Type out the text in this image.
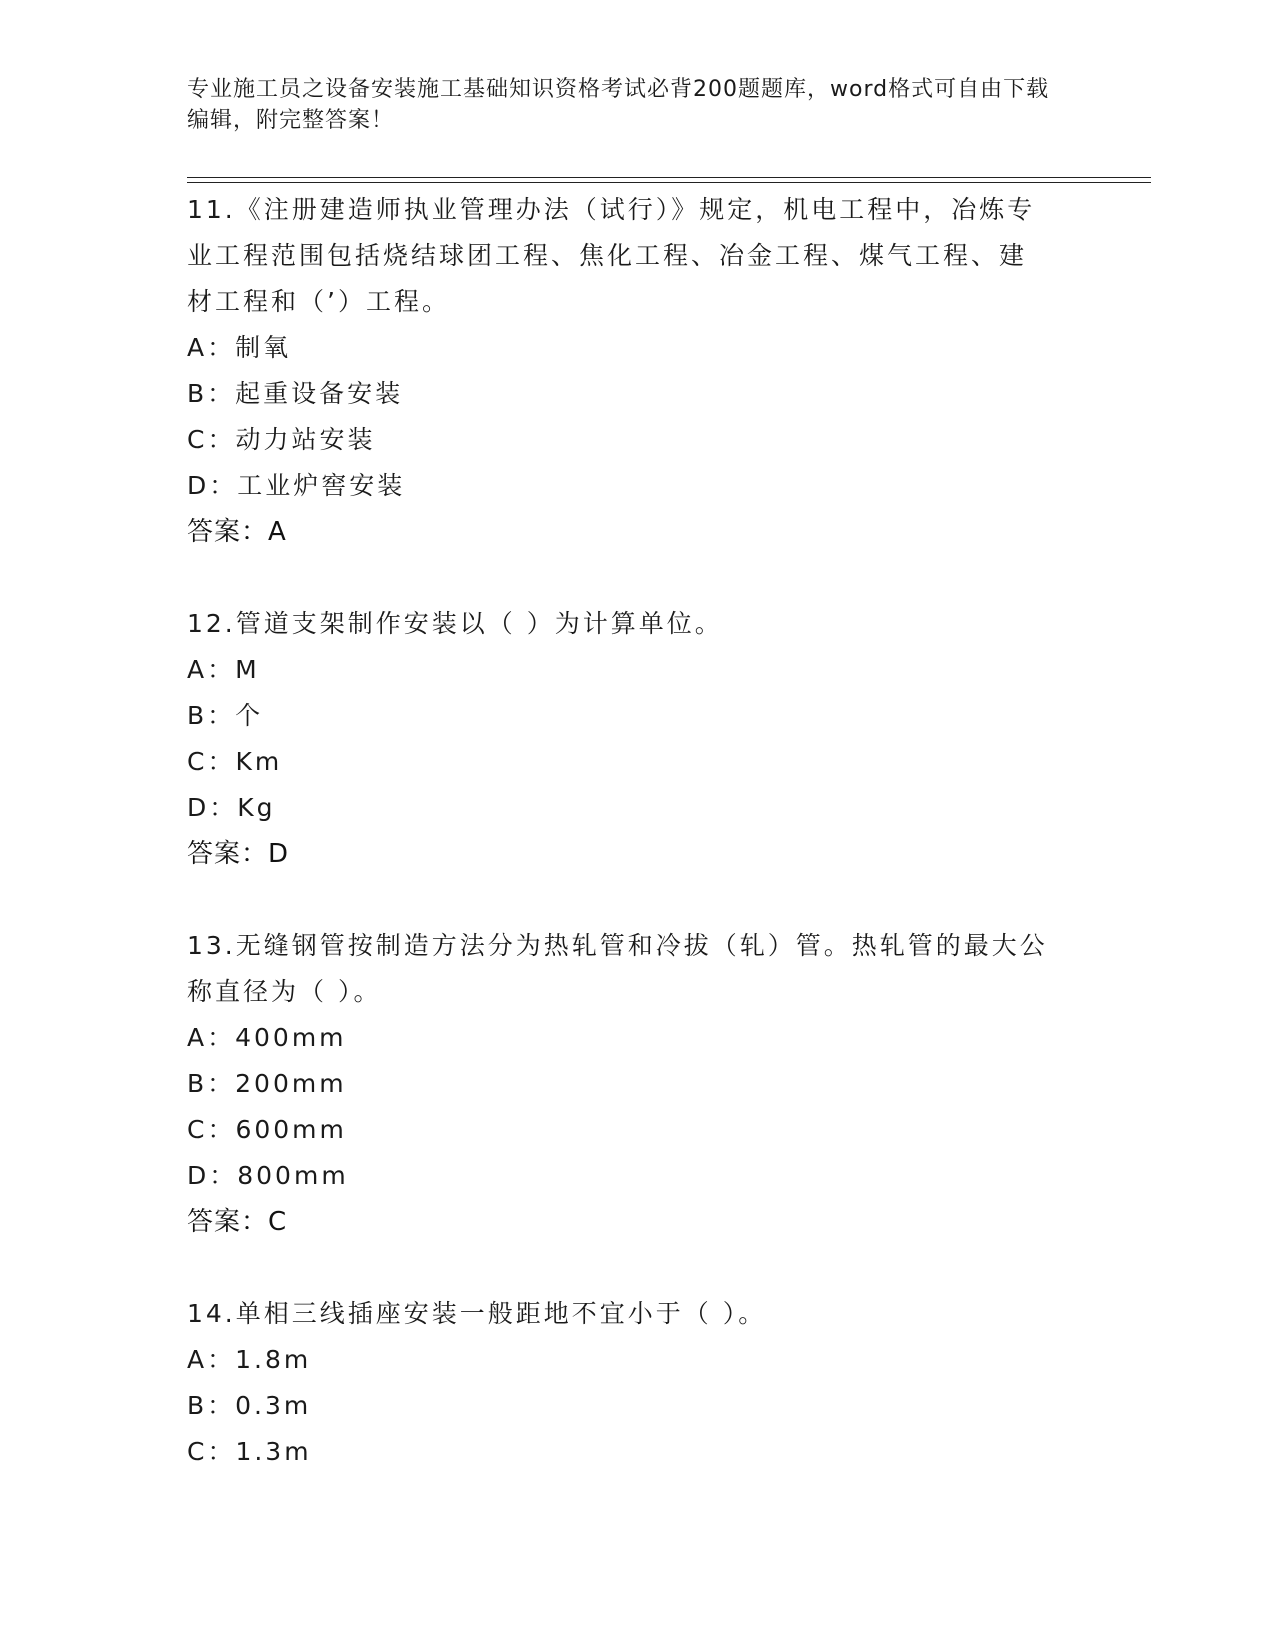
专业施工员之设备安装施工基础知识资格考试必背200题题库，word格式可自由下载编辑，附完整答案！

11.《注册建造师执业管理办法（试行）》规定，机电工程中，冶炼专
业工程范围包括烧结球团工程、焦化工程、冶金工程、煤气工程、建
材工程和（’）工程。

A：制氧

B：起重设备安装

C：动力站安装

D：工业炉窖安装

答案：A

12.管道支架制作安装以（ ）为计算单位。

A：M

B：个

C：Km

D：Kg

答案：D

13.无缝钢管按制造方法分为热轧管和冷拔（轧）管。热轧管的最大公
称直径为（ ）。

A：400mm

B：200mm

C：600mm

D：800mm

答案：C

14.单相三线插座安装一般距地不宜小于（ ）。

A：1.8m

B：0.3m

C：1.3m
